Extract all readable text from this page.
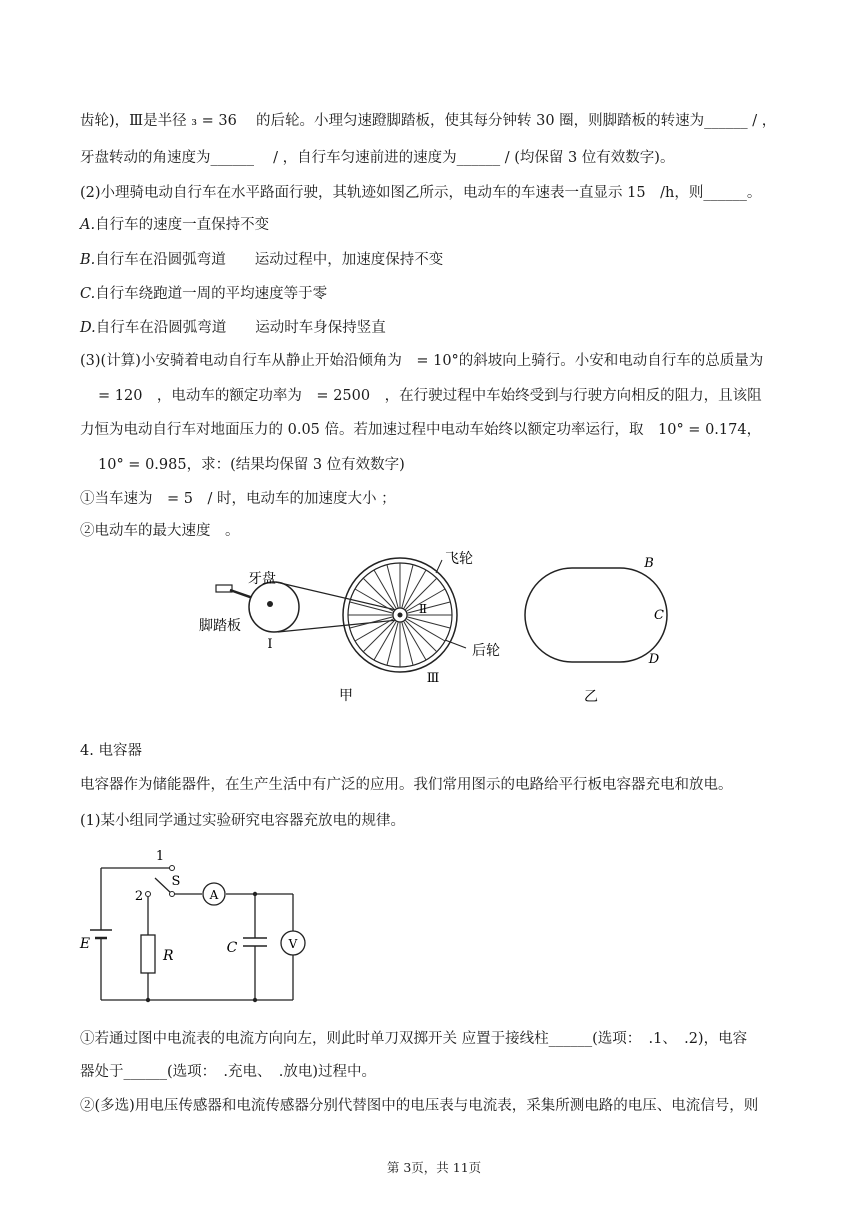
齿轮)，Ⅲ是半径 ₃ = 36　 的后轮。小理匀速蹬脚踏板，使其每分钟转 30 圈，则脚踏板的转速为______ / ，
牙盘转动的角速度为______　 / ，自行车匀速前进的速度为______ / (均保留 3 位有效数字)。
(2)小理骑电动自行车在水平路面行驶，其轨迹如图乙所示，电动车的车速表一直显示 15　/h，则______。
A.自行车的速度一直保持不变
B.自行车在沿圆弧弯道　　运动过程中，加速度保持不变
C.自行车绕跑道一周的平均速度等于零
D.自行车在沿圆弧弯道　　运动时车身保持竖直
(3)(计算)小安骑着电动自行车从静止开始沿倾角为　= 10°的斜坡向上骑行。小安和电动自行车的总质量为
= 120　，电动车的额定功率为　= 2500　，在行驶过程中车始终受到与行驶方向相反的阻力，且该阻
力恒为电动自行车对地面压力的 0.05 倍。若加速过程中电动车始终以额定功率运行，取　10° = 0.174，
10° = 0.985，求：(结果均保留 3 位有效数字)
①当车速为　= 5　/ 时，电动车的加速度大小 ；
②电动车的最大速度　。
牙盘
脚踏板
I
Ⅱ
Ⅲ
飞轮
后轮
甲
B
C
D
乙
4. 电容器
电容器作为储能器件，在生产生活中有广泛的应用。我们常用图示的电路给平行板电容器充电和放电。
(1)某小组同学通过实验研究电容器充放电的规律。
A
V
1
2
S
E
R	C
①若通过图中电流表的电流方向向左，则此时单刀双掷开关 应置于接线柱______(选项：　.1、　.2)，电容
器处于______(选项：　.充电、　.放电)过程中。
②(多选)用电压传感器和电流传感器分别代替图中的电压表与电流表，采集所测电路的电压、电流信号，则
第 3页，共 11页
